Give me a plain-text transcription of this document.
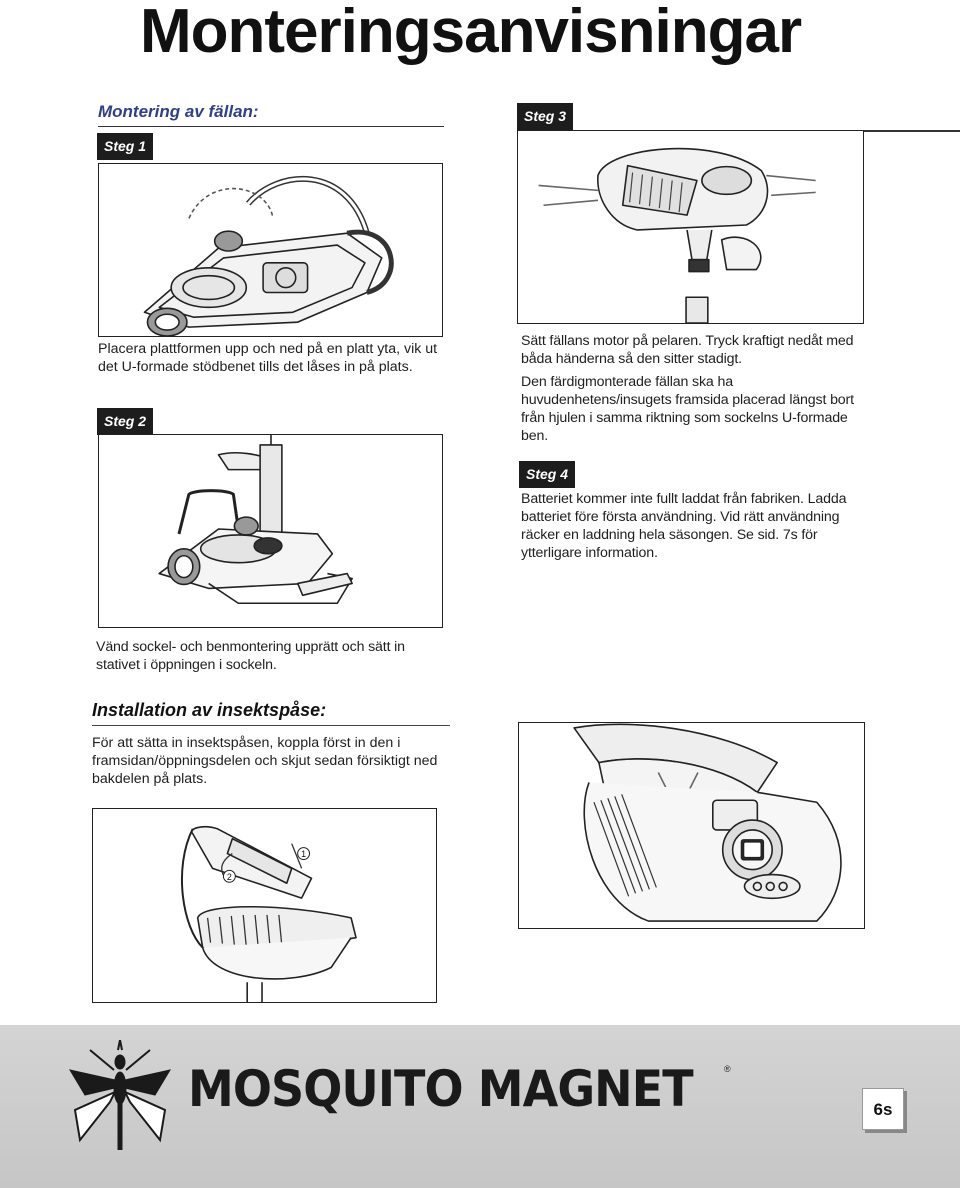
Monteringsanvisningar
Montering av fällan:
Steg 1
Placera plattformen upp och ned på en platt yta, vik ut det U-formade stödbenet tills det låses in på plats.
Steg 2
Vänd sockel- och benmontering upprätt och sätt in stativet i öppningen i sockeln.
Steg 3
Sätt fällans motor på pelaren. Tryck kraftigt nedåt med båda händerna så den sitter stadigt.
Den färdigmonterade fällan ska ha huvudenhetens/insugets framsida placerad längst bort från hjulen i samma riktning som sockelns U-formade ben.
Steg 4
Batteriet kommer inte fullt laddat från fabriken. Ladda batteriet före första användning. Vid rätt användning räcker en laddning hela säsongen. Se sid. 7s för ytterligare information.
Installation av insektspåse:
För att sätta in insektspåsen, koppla först in den i framsidan/öppningsdelen och skjut sedan försiktigt ned bakdelen på plats.
1
2
MOSQUITO MAGNET	®
6s
